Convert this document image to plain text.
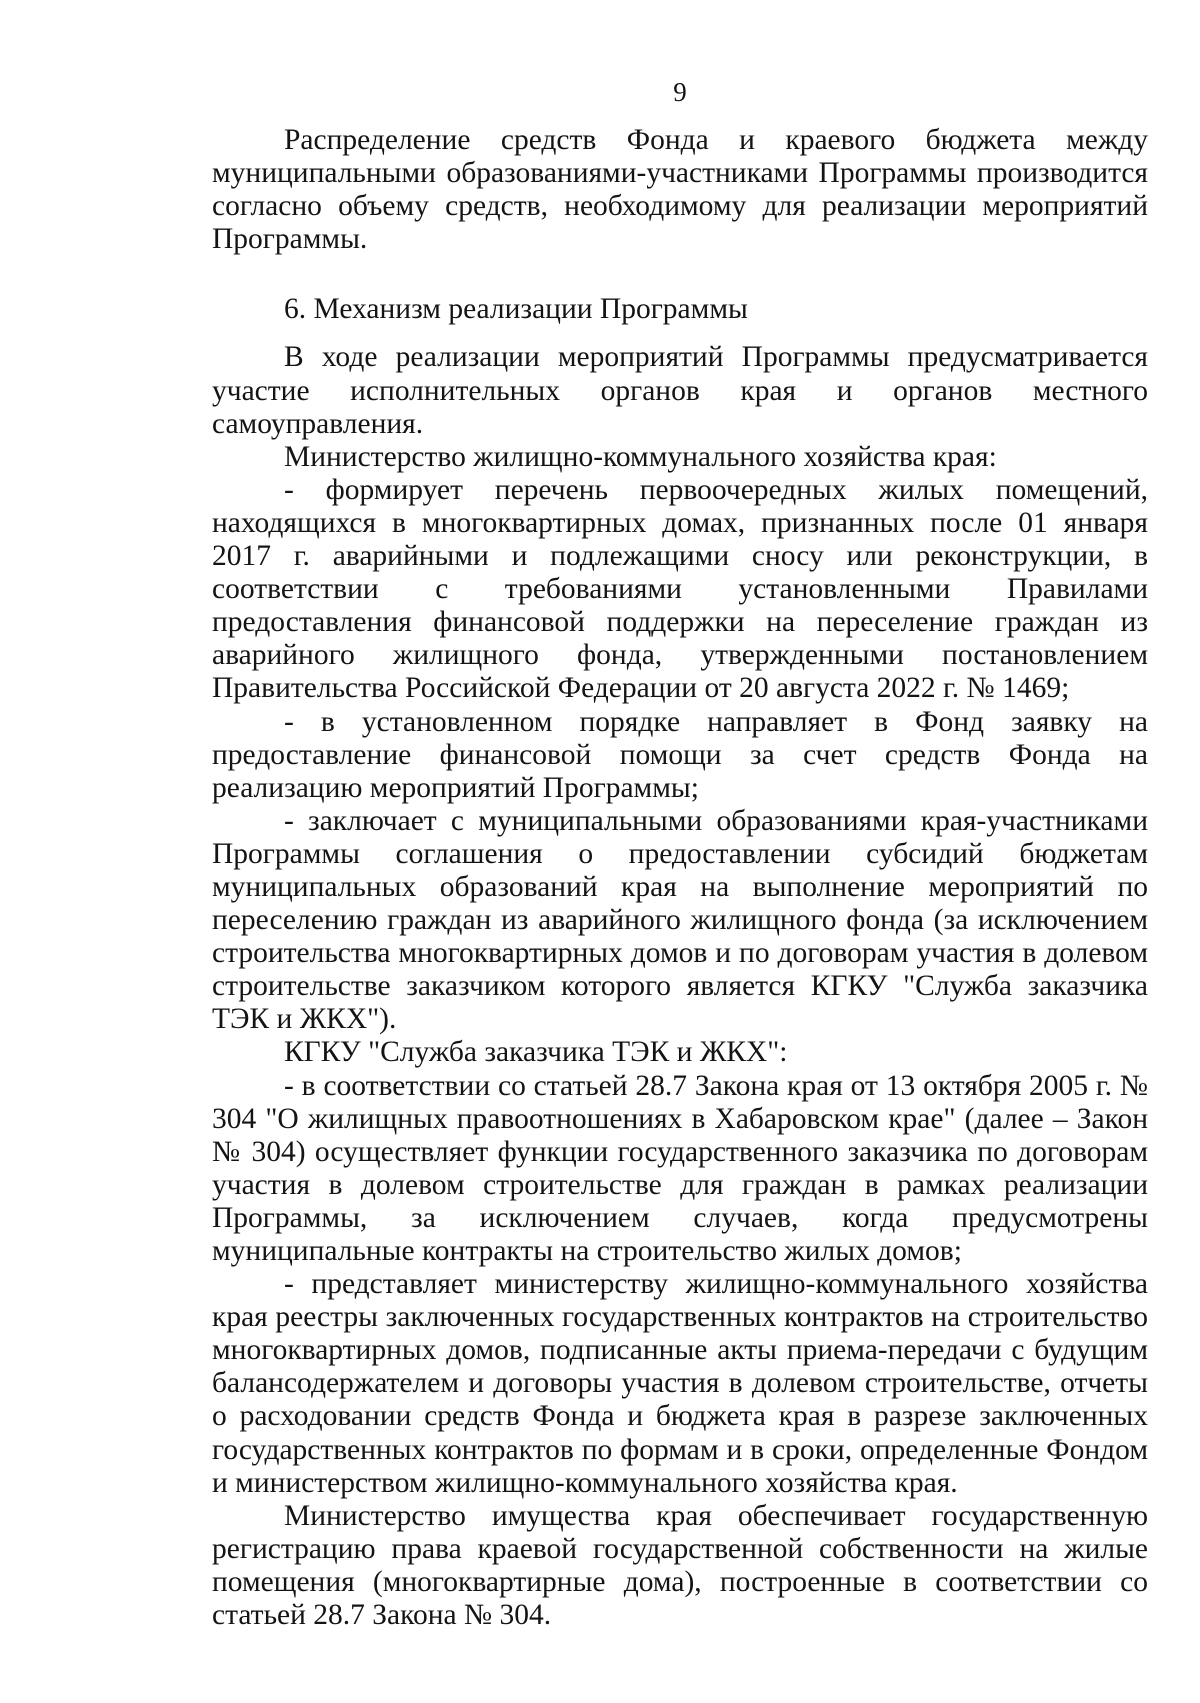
9

Распределение средств Фонда и краевого бюджета между муниципальными образованиями-участниками Программы производится согласно объему средств, необходимому для реализации мероприятий Программы.

6. Механизм реализации Программы

В ходе реализации мероприятий Программы предусматривается участие исполнительных органов края и органов местного самоуправления.

Министерство жилищно-коммунального хозяйства края:

- формирует перечень первоочередных жилых помещений, находящихся в многоквартирных домах, признанных после 01 января 2017 г. аварийными и подлежащими сносу или реконструкции, в соответствии с требованиями установленными Правилами предоставления финансовой поддержки на переселение граждан из аварийного жилищного фонда, утвержденными постановлением Правительства Российской Федерации от 20 августа 2022 г. № 1469;

- в установленном порядке направляет в Фонд заявку на предоставление финансовой помощи за счет средств Фонда на реализацию мероприятий Программы;

- заключает с муниципальными образованиями края-участниками Программы соглашения о предоставлении субсидий бюджетам муниципальных образований края на выполнение мероприятий по переселению граждан из аварийного жилищного фонда (за исключением строительства многоквартирных домов и по договорам участия в долевом строительстве заказчиком которого является КГКУ "Служба заказчика ТЭК и ЖКХ").

КГКУ "Служба заказчика ТЭК и ЖКХ":

- в соответствии со статьей 28.7 Закона края от 13 октября 2005 г. № 304 "О жилищных правоотношениях в Хабаровском крае" (далее – Закон № 304) осуществляет функции государственного заказчика по договорам участия в долевом строительстве для граждан в рамках реализации Программы, за исключением случаев, когда предусмотрены муниципальные контракты на строительство жилых домов;

- представляет министерству жилищно-коммунального хозяйства края реестры заключенных государственных контрактов на строительство многоквартирных домов, подписанные акты приема-передачи с будущим балансодержателем и договоры участия в долевом строительстве, отчеты о расходовании средств Фонда и бюджета края в разрезе заключенных государственных контрактов по формам и в сроки, определенные Фондом и министерством жилищно-коммунального хозяйства края.

Министерство имущества края обеспечивает государственную регистрацию права краевой государственной собственности на жилые помещения (многоквартирные дома), построенные в соответствии со статьей 28.7 Закона № 304.
